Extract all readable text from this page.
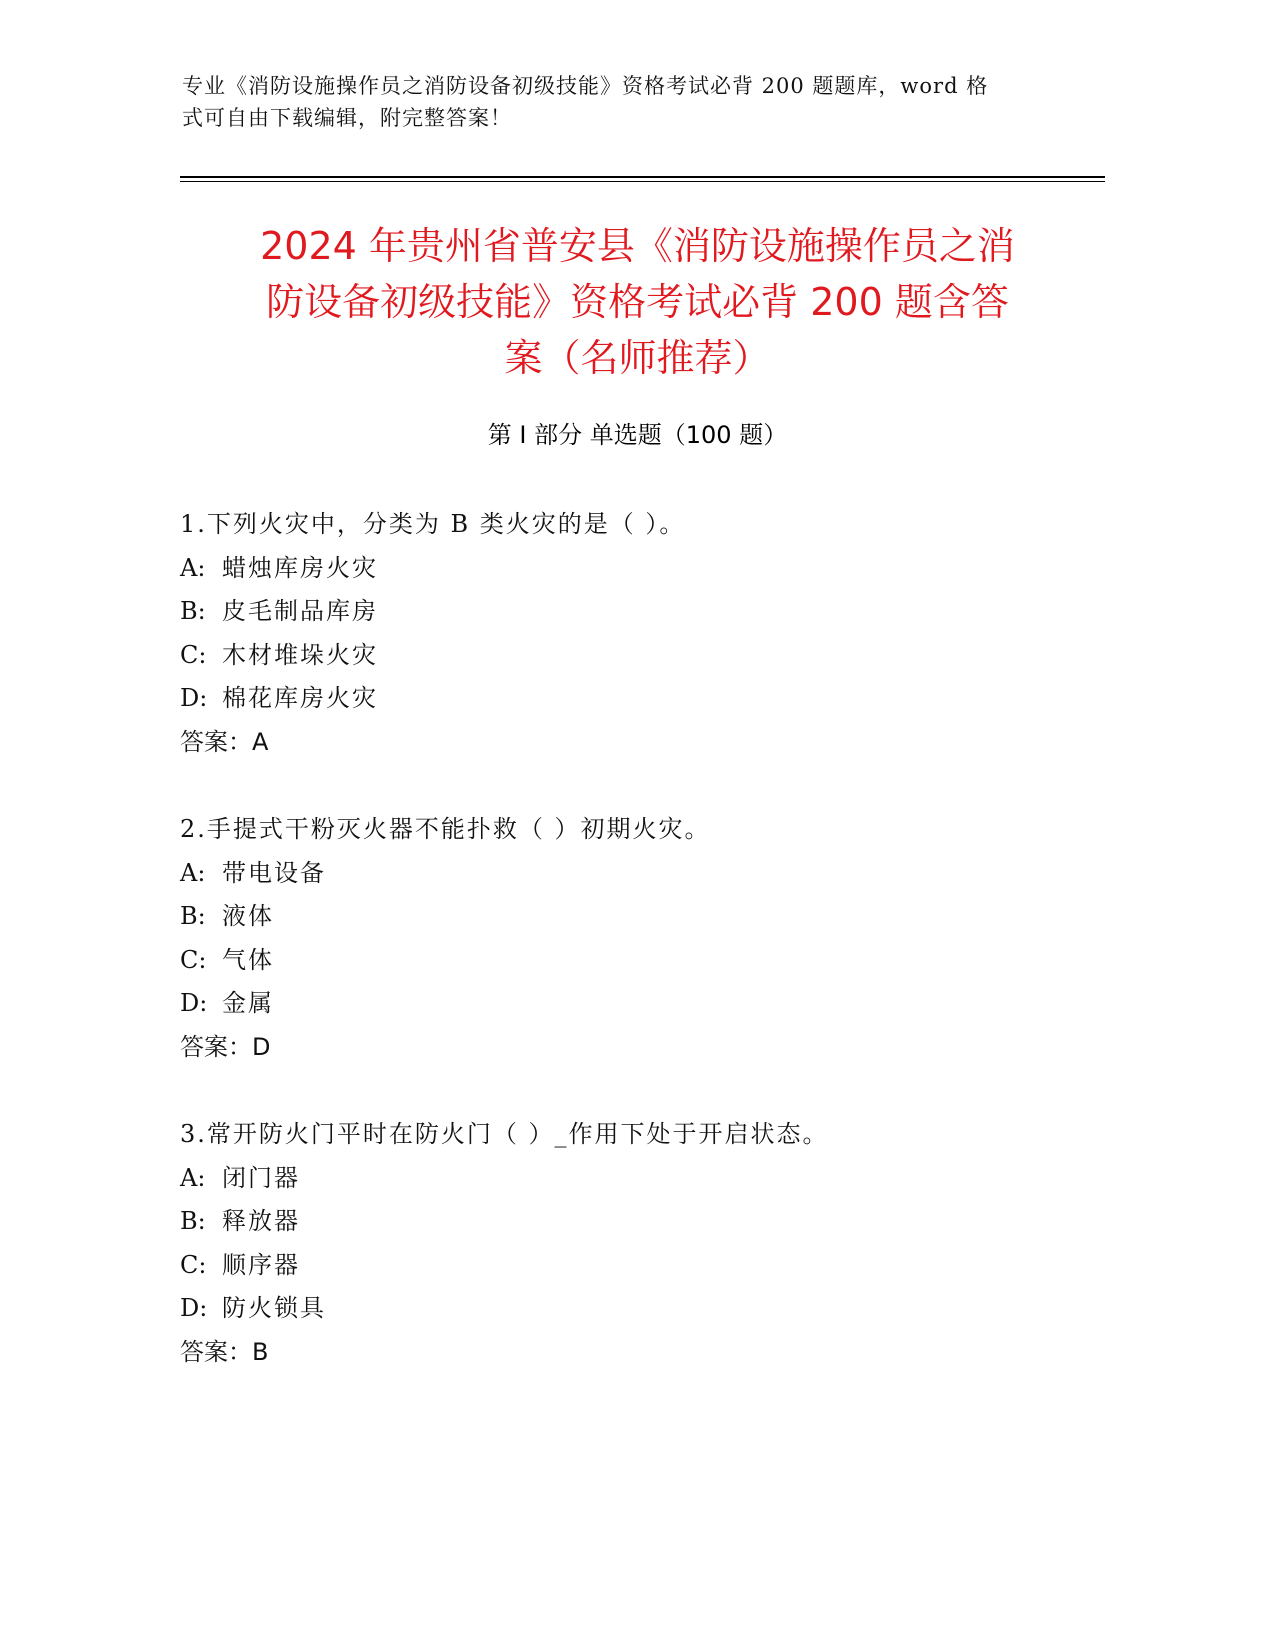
专业《消防设施操作员之消防设备初级技能》资格考试必背 200 题题库，word 格
式可自由下载编辑，附完整答案！
2024 年贵州省普安县《消防设施操作员之消
防设备初级技能》资格考试必背 200 题含答
案（名师推荐）
第 I 部分 单选题（100 题）
1.下列火灾中，分类为 B 类火灾的是（ ）。
A: 蜡烛库房火灾
B: 皮毛制品库房
C: 木材堆垛火灾
D: 棉花库房火灾
答案：A
2.手提式干粉灭火器不能扑救（ ）初期火灾。
A: 带电设备
B: 液体
C: 气体
D: 金属
答案：D
3.常开防火门平时在防火门（ ）_作用下处于开启状态。
A: 闭门器
B: 释放器
C: 顺序器
D: 防火锁具
答案：B
